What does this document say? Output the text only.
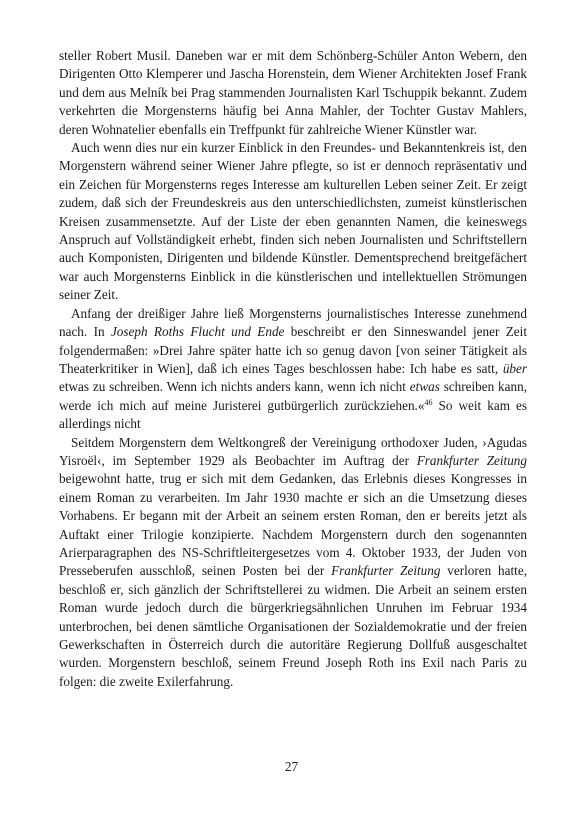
steller Robert Musil. Daneben war er mit dem Schönberg-Schüler Anton Webern, den Dirigenten Otto Klemperer und Jascha Horenstein, dem Wiener Architekten Josef Frank und dem aus Melník bei Prag stammenden Journalisten Karl Tschuppik bekannt. Zudem verkehrten die Morgensterns häufig bei Anna Mahler, der Tochter Gustav Mahlers, deren Wohnatelier ebenfalls ein Treffpunkt für zahlreiche Wiener Künstler war.

Auch wenn dies nur ein kurzer Einblick in den Freundes- und Bekanntenkreis ist, den Morgenstern während seiner Wiener Jahre pflegte, so ist er dennoch repräsentativ und ein Zeichen für Morgensterns reges Interesse am kulturellen Leben seiner Zeit. Er zeigt zudem, daß sich der Freundeskreis aus den unterschiedlichsten, zumeist künstlerischen Kreisen zusammensetzte. Auf der Liste der eben genannten Namen, die keineswegs Anspruch auf Vollständigkeit erhebt, finden sich neben Journalisten und Schriftstellern auch Komponisten, Dirigenten und bildende Künstler. Dementsprechend breitgefächert war auch Morgensterns Einblick in die künstlerischen und intellektuellen Strömungen seiner Zeit.

Anfang der dreißiger Jahre ließ Morgensterns journalistisches Interesse zunehmend nach. In Joseph Roths Flucht und Ende beschreibt er den Sinneswandel jener Zeit folgendermaßen: »Drei Jahre später hatte ich so genug davon [von seiner Tätigkeit als Theaterkritiker in Wien], daß ich eines Tages beschlossen habe: Ich habe es satt, über etwas zu schreiben. Wenn ich nichts anders kann, wenn ich nicht etwas schreiben kann, werde ich mich auf meine Juristerei gutbürgerlich zurückziehen.«$^{46}$ So weit kam es allerdings nicht

Seitdem Morgenstern dem Weltkongreß der Vereinigung orthodoxer Juden, ›Agudas Yisroël‹, im September 1929 als Beobachter im Auftrag der Frankfurter Zeitung beigewohnt hatte, trug er sich mit dem Gedanken, das Erlebnis dieses Kongresses in einem Roman zu verarbeiten. Im Jahr 1930 machte er sich an die Umsetzung dieses Vorhabens. Er begann mit der Arbeit an seinem ersten Roman, den er bereits jetzt als Auftakt einer Trilogie konzipierte. Nachdem Morgenstern durch den sogenannten Arierparagraphen des NS-Schriftleitergesetzes vom 4. Oktober 1933, der Juden von Presseberufen ausschloß, seinen Posten bei der Frankfurter Zeitung verloren hatte, beschloß er, sich gänzlich der Schriftstellerei zu widmen. Die Arbeit an seinem ersten Roman wurde jedoch durch die bürgerkriegsähnlichen Unruhen im Februar 1934 unterbrochen, bei denen sämtliche Organisationen der Sozialdemokratie und der freien Gewerkschaften in Österreich durch die autoritäre Regierung Dollfuß ausgeschaltet wurden. Morgenstern beschloß, seinem Freund Joseph Roth ins Exil nach Paris zu folgen: die zweite Exilerfahrung.

27
